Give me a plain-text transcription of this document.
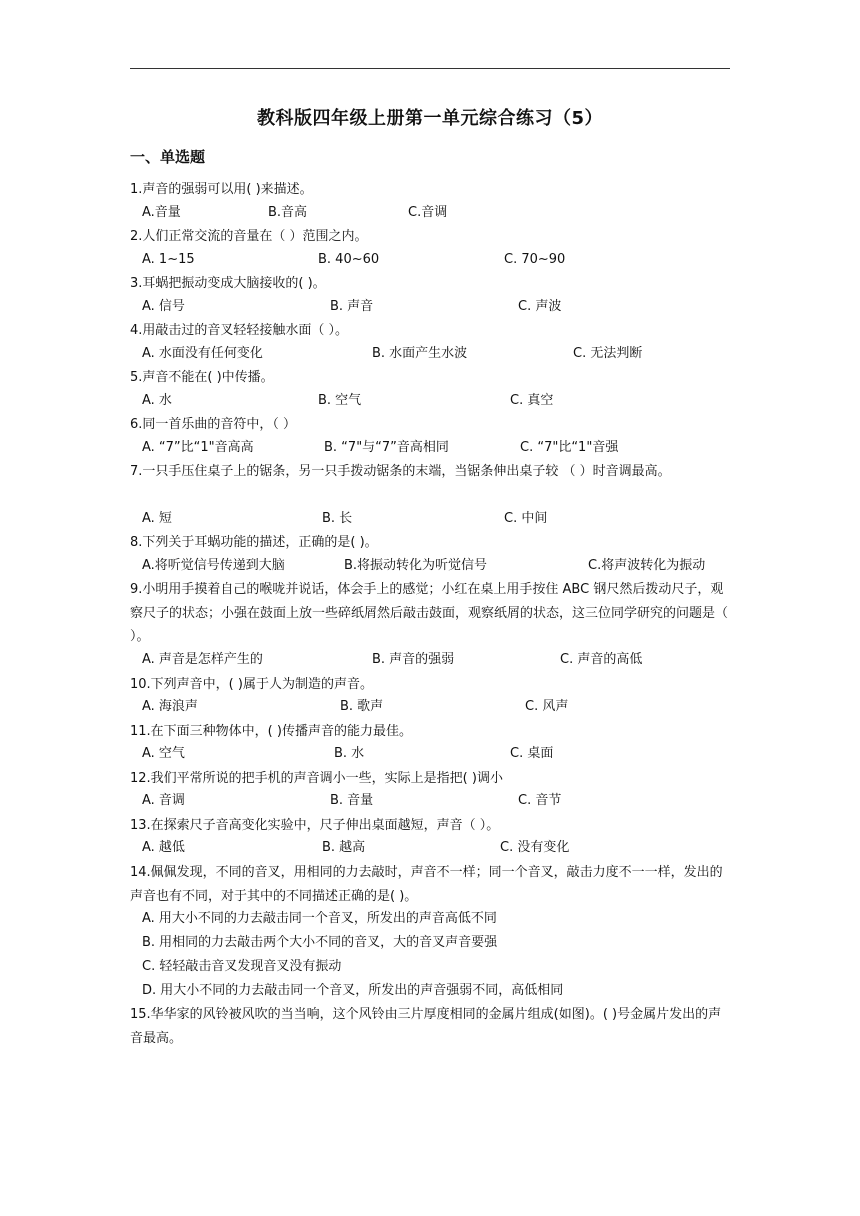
教科版四年级上册第一单元综合练习（5）
一、单选题
1.声音的强弱可以用( )来描述。
A.音量	B.音高	C.音调
2.人们正常交流的音量在（ ）范围之内。
A. 1~15	B. 40~60	C. 70~90
3.耳蜗把振动变成大脑接收的( )。
A. 信号	B. 声音	C. 声波
4.用敲击过的音叉轻轻接触水面（ ）。
A. 水面没有任何变化	B. 水面产生水波	C. 无法判断
5.声音不能在( )中传播。
A. 水	B. 空气	C. 真空
6.同一首乐曲的音符中，（ ）
A. “7”比“1"音高高	B. “7"与“7”音高相同	C. “7"比“1"音强
7.一只手压住桌子上的锯条，另一只手拨动锯条的末端，当锯条伸出桌子较 （ ）时音调最高。
A. 短	B. 长	C. 中间
8.下列关于耳蜗功能的描述，正确的是( )。
A.将听觉信号传递到大脑	B.将振动转化为听觉信号	C.将声波转化为振动
9.小明用手摸着自己的喉咙并说话，体会手上的感觉；小红在桌上用手按住 ABC 钢尺然后拨动尺子，观察尺子的状态；小强在鼓面上放一些碎纸屑然后敲击鼓面，观察纸屑的状态，这三位同学研究的问题是（ ）。
A. 声音是怎样产生的	B. 声音的强弱	C. 声音的高低
10.下列声音中，( )属于人为制造的声音。
A. 海浪声	B. 歌声	C. 风声
11.在下面三种物体中，( )传播声音的能力最佳。
A. 空气	B. 水	C. 桌面
12.我们平常所说的把手机的声音调小一些，实际上是指把( )调小
A. 音调	B. 音量	C. 音节
13.在探索尺子音高变化实验中，尺子伸出桌面越短，声音（ ）。
A. 越低	B. 越高	C. 没有变化
14.佩佩发现，不同的音叉，用相同的力去敲时，声音不一样；同一个音叉，敲击力度不一一样，发出的声音也有不同，对于其中的不同描述正确的是( )。
A. 用大小不同的力去敲击同一个音叉，所发出的声音高低不同
B. 用相同的力去敲击两个大小不同的音叉，大的音叉声音要强
C. 轻轻敲击音叉发现音叉没有振动
D. 用大小不同的力去敲击同一个音叉，所发出的声音强弱不同，高低相同
15.华华家的风铃被风吹的当当响，这个风铃由三片厚度相同的金属片组成(如图)。( )号金属片发出的声音最高。
